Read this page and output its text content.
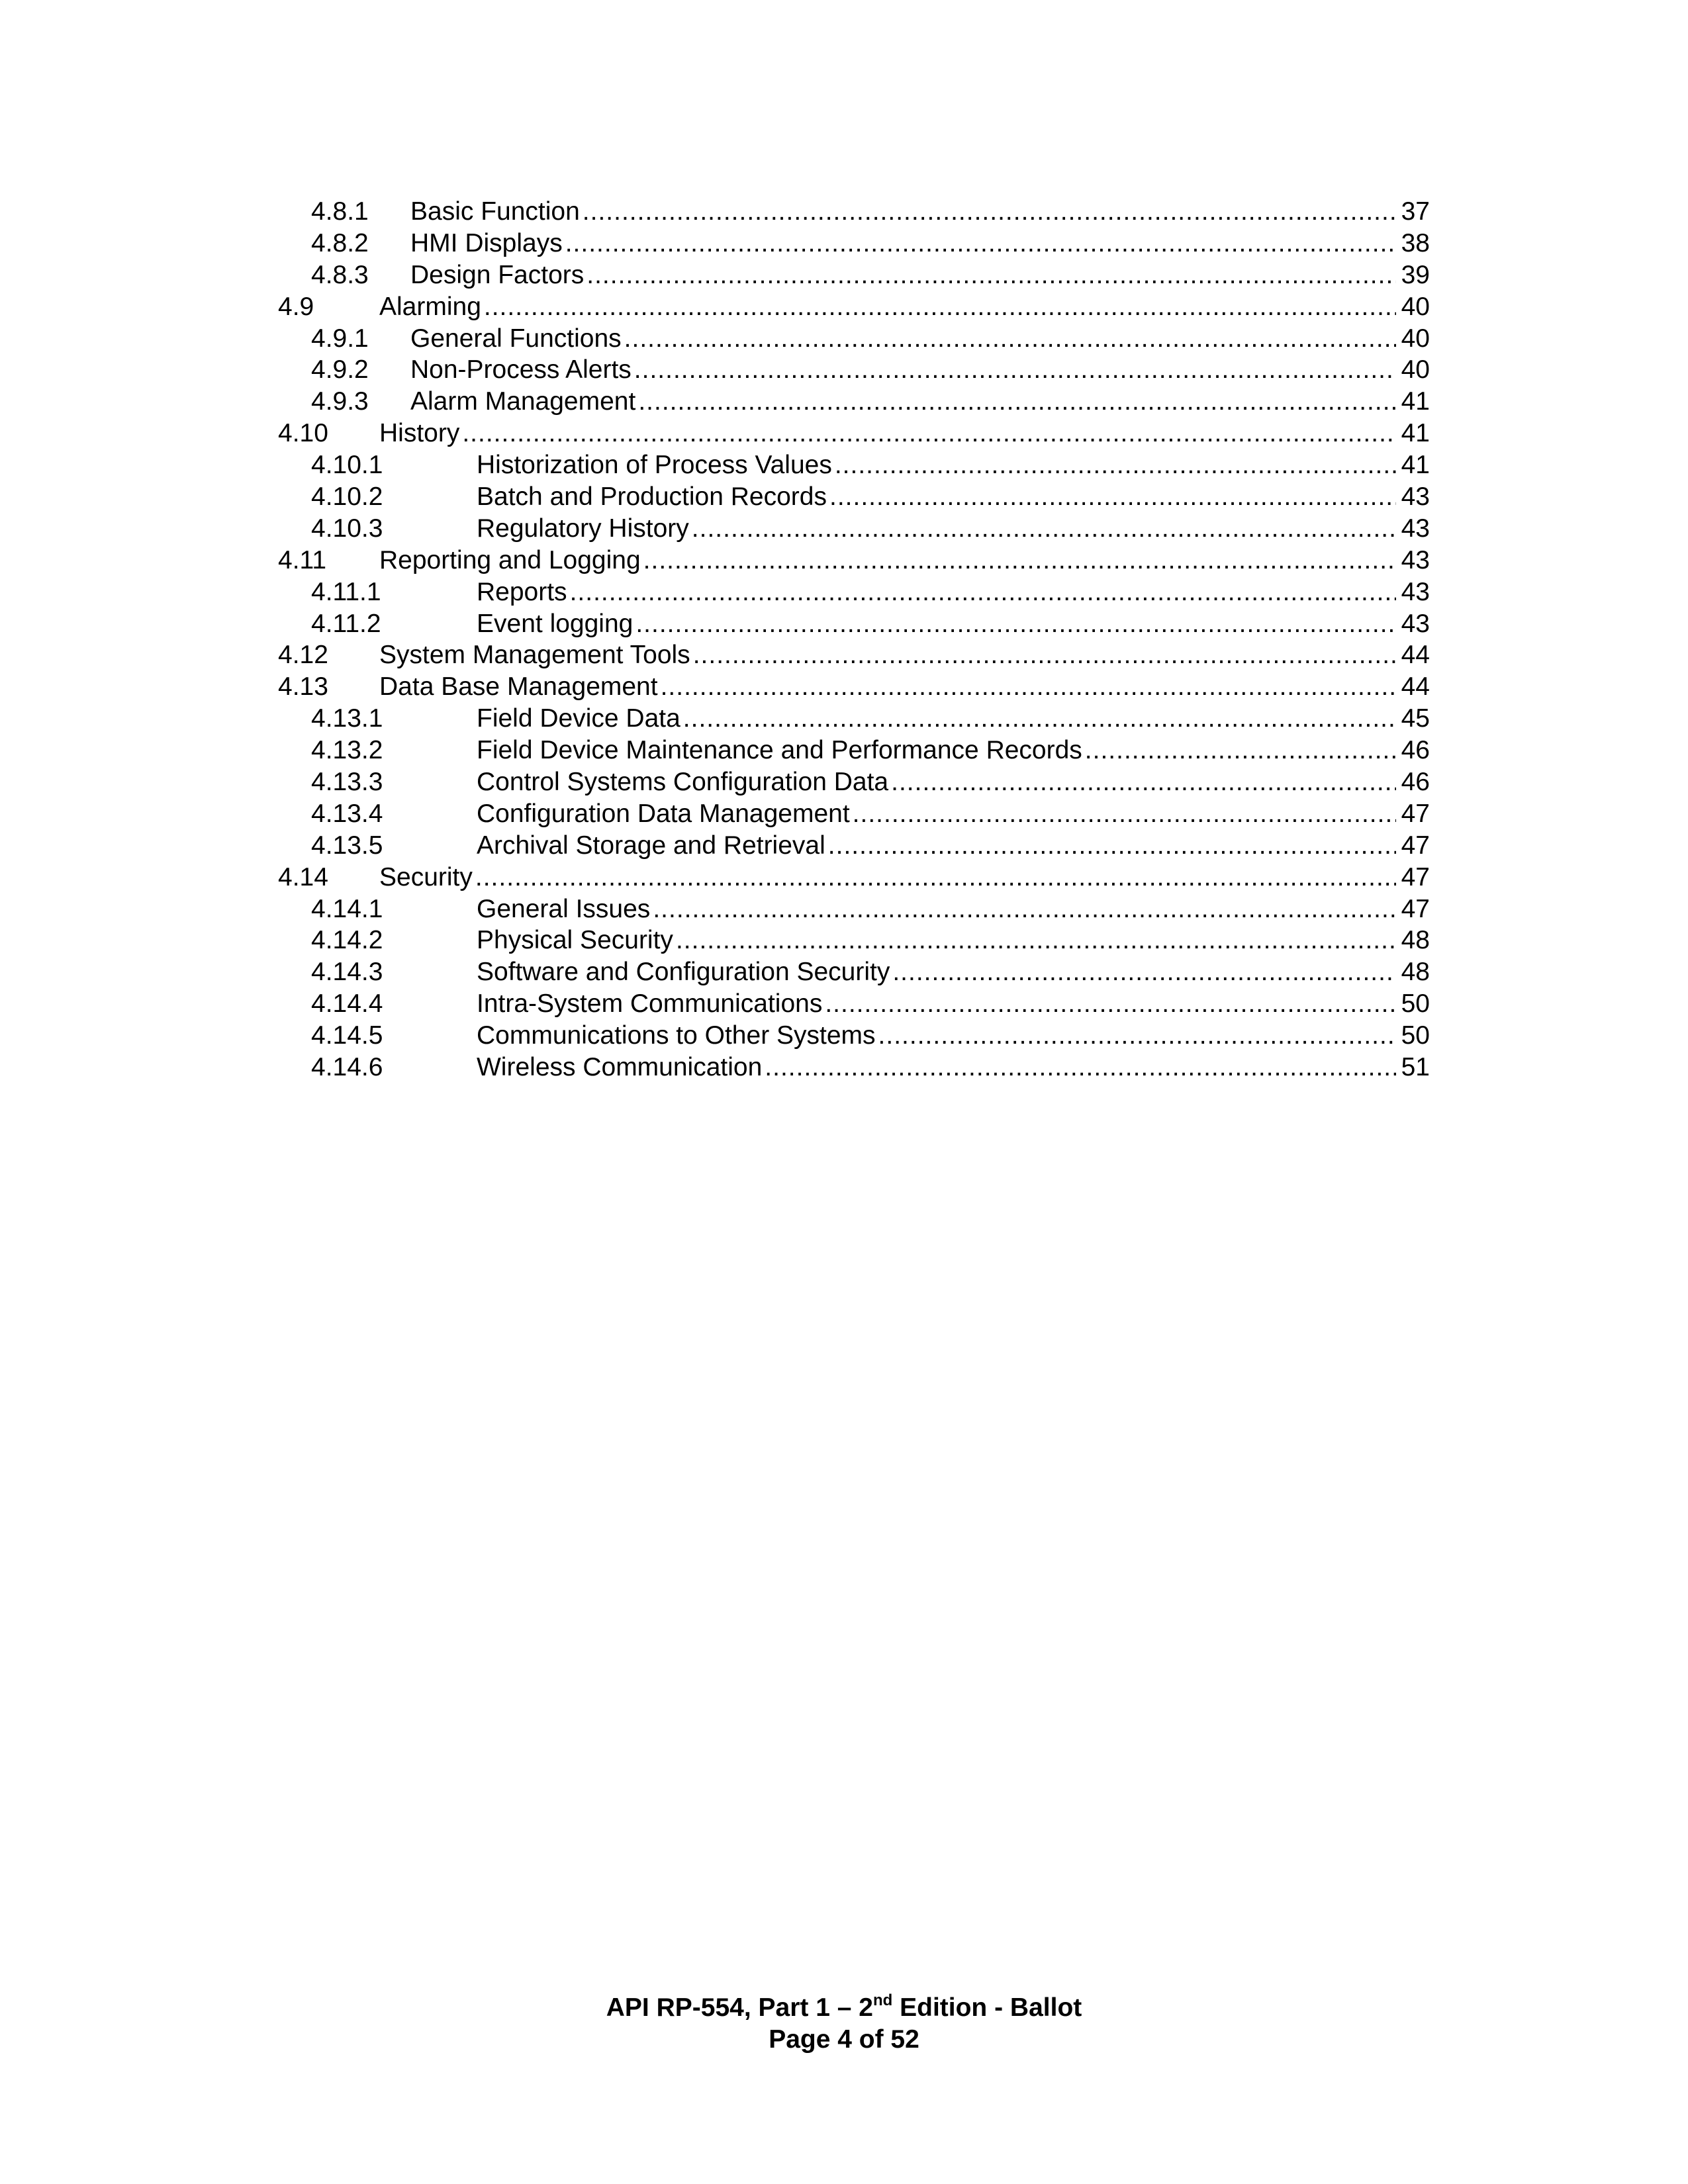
4.8.1 Basic Function .....	37
4.8.2 HMI Displays .....	38
4.8.3 Design Factors .....	39
4.9	Alarming .....	40
4.9.1 General Functions .....	40
4.9.2 Non-Process Alerts .....	40
4.9.3 Alarm Management .....	41
4.10 History .....	41
4.10.1	Historization of Process Values .....	41
4.10.2	Batch and Production Records .....	43
4.10.3	Regulatory History .....	43
4.11 Reporting and Logging .....	43
4.11.1	Reports .....	43
4.11.2	Event logging .....	43
4.12 System Management Tools .....	44
4.13 Data Base Management .....	44
4.13.1	Field Device Data .....	45
4.13.2	Field Device Maintenance and Performance Records .....	46
4.13.3	Control Systems Configuration Data .....	46
4.13.4	Configuration Data Management .....	47
4.13.5	Archival Storage and Retrieval .....	47
4.14 Security .....	47
4.14.1	General Issues .....	47
4.14.2	Physical Security .....	48
4.14.3	Software and Configuration Security .....	48
4.14.4	Intra-System Communications .....	50
4.14.5	Communications to Other Systems .....	50
4.14.6	Wireless Communication .....	51
API RP-554, Part 1 – 2nd Edition - Ballot
Page 4 of 52
